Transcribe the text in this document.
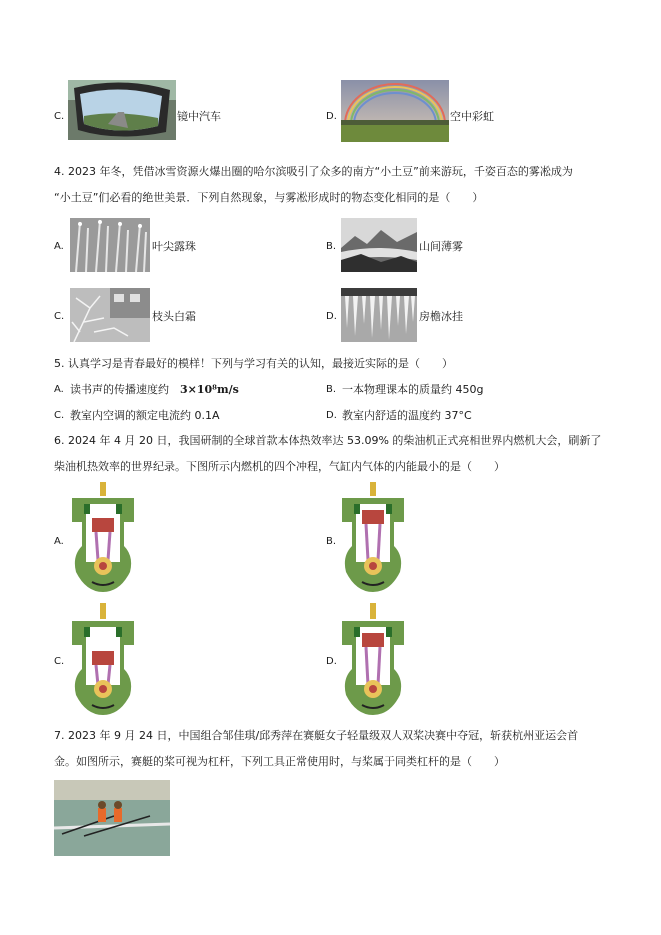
C.	镜中汽车	D.	空中彩虹
4. 2023 年冬，凭借冰雪资源火爆出圈的哈尔滨吸引了众多的南方“小土豆”前来游玩，千姿百态的雾凇成为
“小土豆”们必看的绝世美景．下列自然现象，与雾凇形成时的物态变化相同的是（　　）
A.	叶尖露珠	B.	山间薄雾
C.	枝头白霜	D.	房檐冰挂
5. 认真学习是青春最好的模样！下列与学习有关的认知，最接近实际的是（　　）
A. 读书声的传播速度约 3×10⁸m/s	B. 一本物理课本的质量约 450g
C. 教室内空调的额定电流约 0.1A	D. 教室内舒适的温度约 37°C
6. 2024 年 4 月 20 日，我国研制的全球首款本体热效率达 53.09% 的柴油机正式亮相世界内燃机大会，刷新了
柴油机热效率的世界纪录。下图所示内燃机的四个冲程，气缸内气体的内能最小的是（　　）
A.	B.
C.	D.
7. 2023 年 9 月 24 日，中国组合邹佳琪/邱秀萍在赛艇女子轻量级双人双桨决赛中夺冠，斩获杭州亚运会首
金。如图所示，赛艇的桨可视为杠杆，下列工具正常使用时，与桨属于同类杠杆的是（　　）
